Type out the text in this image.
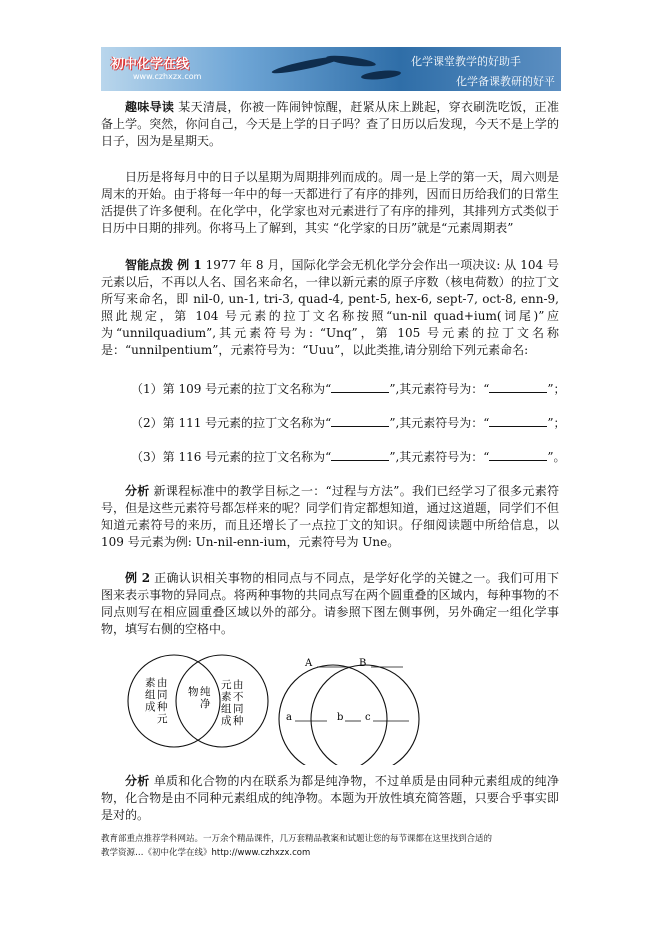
初中化学在线
www.czhxzx.com
化学课堂教学的好助手
化学备课教研的好平

趣味导读 某天清晨，你被一阵闹钟惊醒，赶紧从床上跳起，穿衣刷洗吃饭，正准备上学。突然，你问自己，今天是上学的日子吗？查了日历以后发现，今天不是上学的日子，因为是星期天。

日历是将每月中的日子以星期为周期排列而成的。周一是上学的第一天，周六则是周末的开始。由于将每一年中的每一天都进行了有序的排列，因而日历给我们的日常生活提供了许多便利。在化学中，化学家也对元素进行了有序的排列，其排列方式类似于日历中日期的排列。你将马上了解到，其实 “化学家的日历”就是“元素周期表”

智能点拨 例 1 1977 年 8 月，国际化学会无机化学分会作出一项决议: 从 104 号元素以后，不再以人名、国名来命名，一律以新元素的原子序数（核电荷数）的拉丁文所写来命名，即 nil-0, un-1, tri-3, quad-4, pent-5, hex-6, sept-7, oct-8, enn-9,照此规定，第 104 号元素的拉丁文名称按照“un-nil quad+ium(词尾)”应为“unnilquadium”,其元素符号为: “Unq”，第 105 号元素的拉丁文名称是：“unnilpentium”，元素符号为：“Uuu”，以此类推,请分别给下列元素命名:

（1）第 109 号元素的拉丁文名称为“	”,其元素符号为：“	”；
（2）第 111 号元素的拉丁文名称为“	”,其元素符号为：“	”；
（3）第 116 号元素的拉丁文名称为“	”,其元素符号为：“	”。

分析 新课程标准中的教学目标之一：“过程与方法”。我们已经学习了很多元素符号，但是这些元素符号都怎样来的呢？同学们肯定都想知道，通过这道题，同学们不但知道元素符号的来历，而且还增长了一点拉丁文的知识。仔细阅读题中所给信息，以 109 号元素为例: Un-nil-enn-ium，元素符号为 Une。

例 2 正确认识相关事物的相同点与不同点，是学好化学的关键之一。我们可用下图来表示事物的异同点。将两种事物的共同点写在两个圆重叠的区域内，每种事物的不同点则写在相应圆重叠区域以外的部分。请参照下图左侧事例，另外确定一组化学事物，填写右侧的空格中。

由同种元素组成
纯净物
由不同种元素组成
A	B
a	b c

分析 单质和化合物的内在联系为都是纯净物，不过单质是由同种元素组成的纯净物，化合物是由不同种元素组成的纯净物。本题为开放性填充简答题，只要合乎事实即是对的。

教育部重点推荐学科网站。一万余个精品课件，几万套精品教案和试题让您的每节课都在这里找到合适的
教学资源…《初中化学在线》http://www.czhxzx.com
